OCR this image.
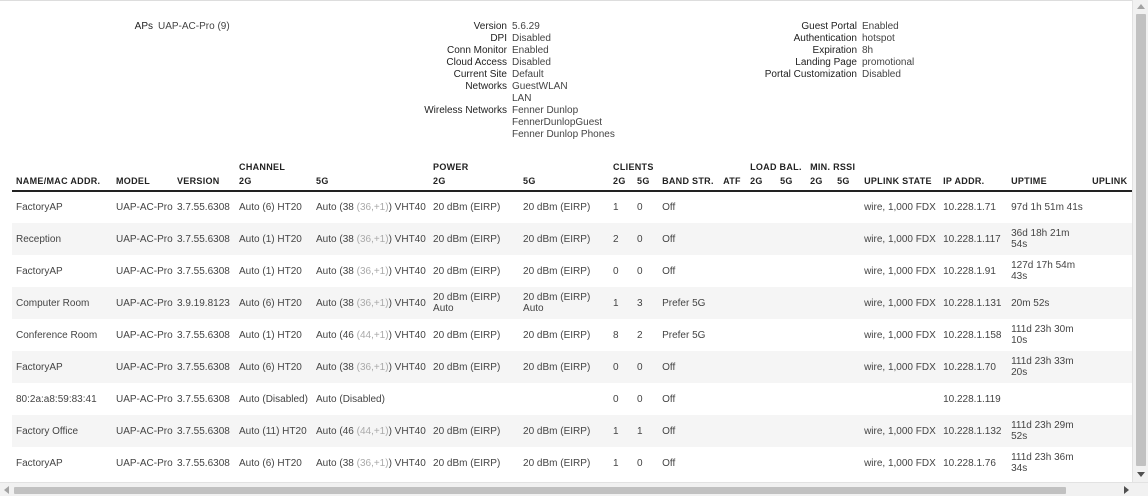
APs UAP-AC-Pro (9)	Version 5.6.29
DPI Disabled
Conn Monitor Enabled
Cloud Access Disabled
Current Site Default
Networks GuestWLAN
LAN
Wireless Networks Fenner Dunlop
FennerDunlopGuest
Fenner Dunlop Phones
Guest Portal Enabled
Authentication hotspot
Expiration 8h
Landing Page promotional
Portal Customization Disabled
			CHANNEL		POWER		CLIENTS				LOAD BAL.		MIN. RSSI					
NAME/MAC ADDR.	MODEL	VERSION	2G	5G	2G	5G	2G	5G	BAND STR.	ATF	2G	5G	2G	5G	UPLINK STATE	IP ADDR.	UPTIME	UPLINK
FactoryAP	UAP-AC-Pro	3.7.55.6308	Auto (6) HT20	Auto (38 (36,+1)) VHT40	20 dBm (EIRP)	20 dBm (EIRP)	1	0	Off						wire, 1,000 FDX	10.228.1.71	97d 1h 51m 41s	
Reception	UAP-AC-Pro	3.7.55.6308	Auto (1) HT20	Auto (38 (36,+1)) VHT40	20 dBm (EIRP)	20 dBm (EIRP)	2	0	Off						wire, 1,000 FDX	10.228.1.117	36d 18h 21m 54s	
FactoryAP	UAP-AC-Pro	3.7.55.6308	Auto (1) HT20	Auto (38 (36,+1)) VHT40	20 dBm (EIRP)	20 dBm (EIRP)	0	0	Off						wire, 1,000 FDX	10.228.1.91	127d 17h 54m 43s	
Computer Room	UAP-AC-Pro	3.9.19.8123	Auto (6) HT20	Auto (38 (36,+1)) VHT40	20 dBm (EIRP) Auto	20 dBm (EIRP) Auto	1	3	Prefer 5G						wire, 1,000 FDX	10.228.1.131	20m 52s	
Conference Room	UAP-AC-Pro	3.7.55.6308	Auto (1) HT20	Auto (46 (44,+1)) VHT40	20 dBm (EIRP)	20 dBm (EIRP)	8	2	Prefer 5G						wire, 1,000 FDX	10.228.1.158	111d 23h 30m 10s	
FactoryAP	UAP-AC-Pro	3.7.55.6308	Auto (6) HT20	Auto (38 (36,+1)) VHT40	20 dBm (EIRP)	20 dBm (EIRP)	0	0	Off						wire, 1,000 FDX	10.228.1.70	111d 23h 33m 20s	
80:2a:a8:59:83:41	UAP-AC-Pro	3.7.55.6308	Auto (Disabled)	Auto (Disabled)			0	0	Off							10.228.1.119		
Factory Office	UAP-AC-Pro	3.7.55.6308	Auto (11) HT20	Auto (46 (44,+1)) VHT40	20 dBm (EIRP)	20 dBm (EIRP)	1	1	Off						wire, 1,000 FDX	10.228.1.132	111d 23h 29m 52s	
FactoryAP	UAP-AC-Pro	3.7.55.6308	Auto (6) HT20	Auto (38 (36,+1)) VHT40	20 dBm (EIRP)	20 dBm (EIRP)	1	0	Off						wire, 1,000 FDX	10.228.1.76	111d 23h 36m 34s	
